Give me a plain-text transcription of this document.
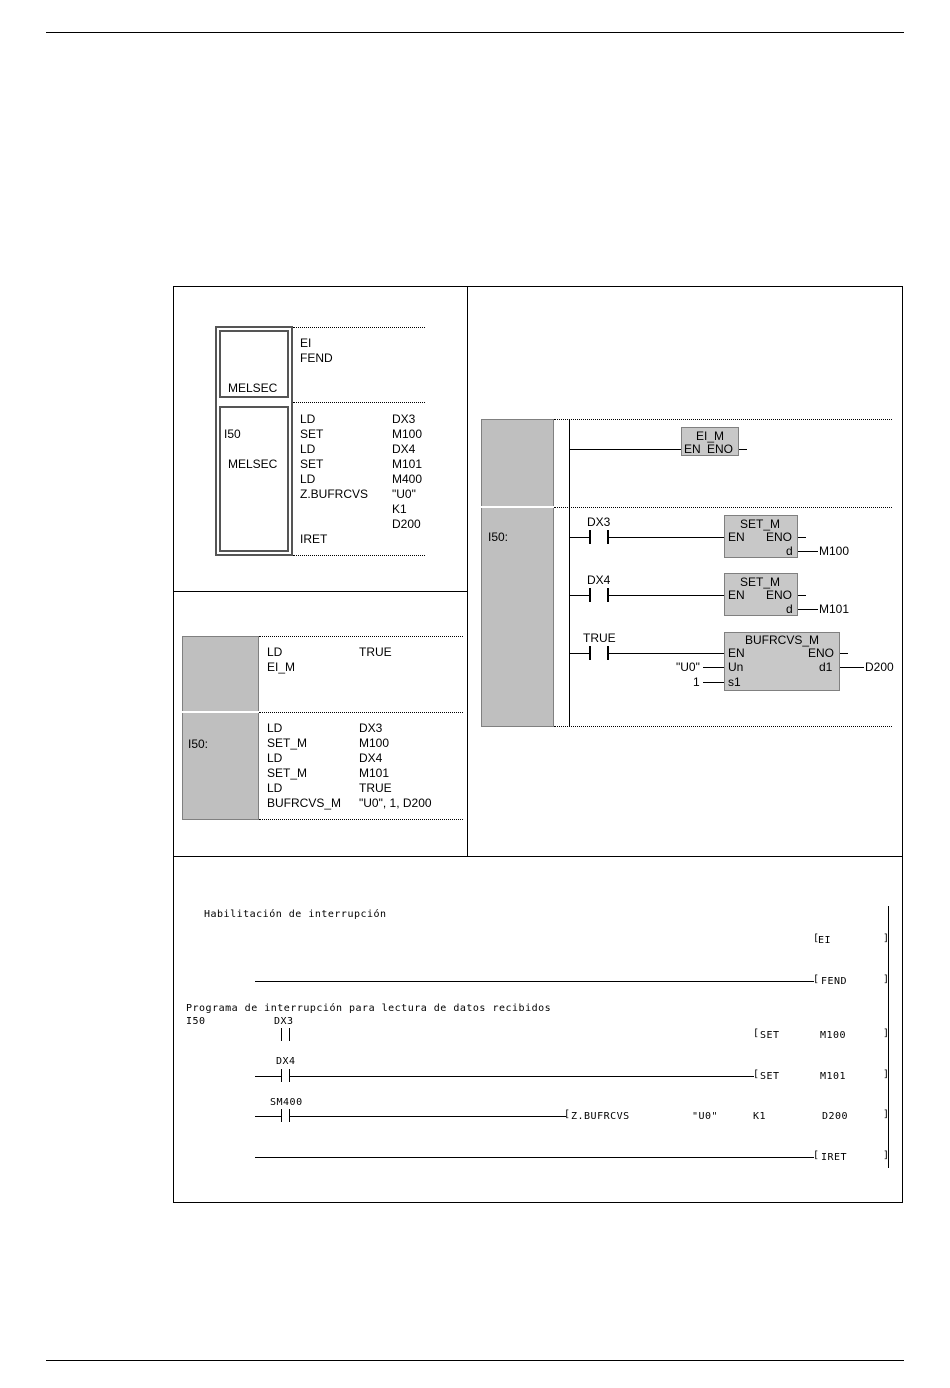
MELSEC
EI
FEND
I50
MELSEC
LD	DX3
SET	M100
LD	DX4
SET	M101
LD	M400
Z.BUFRCVS "U0"
K1
D200
IRET
LD	TRUE
EI_M
I50:
LD	DX3
SET_M	M100
LD	DX4
SET_M	M101
LD	TRUE
BUFRCVS_M "U0", 1, D200
I50:
EI_M
EN ENO
DX3	SET_M
EN ENO
d M100
DX4	SET_M
EN ENO
d M101
TRUE	BUFRCVS_M
EN	ENO
Un	d1
s1
D200
"U0"
1
Habilitación de interrupción
EI
[	]
[ FEND	]
Programa de interrupción para lectura de datos recibidos
I50	DX3
[ SET	M100	]
DX4
[ SET	M101	]
SM400
[ Z.BUFRCVS	"U0"	K1	D200	]
[ IRET	]
